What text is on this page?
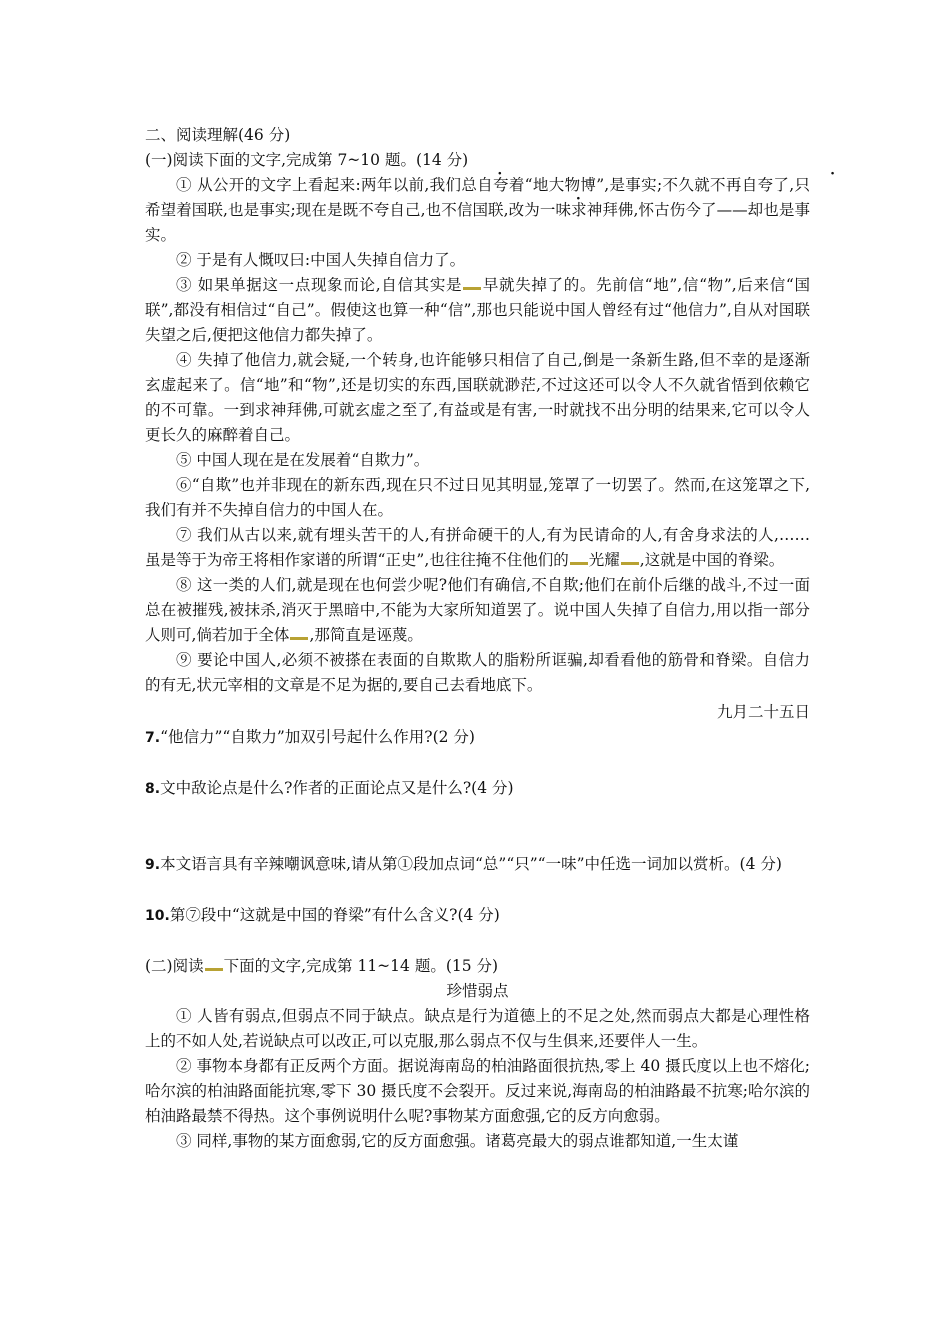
二、阅读理解(46 分)
(一)阅读下面的文字,完成第 7~10 题。(14 分)

① 从公开的文字上看起来:两年以前,我们· 总自夸着“地大物博”,是事实;不久就不再自夸了,· 只希望着国联,也是事实;现在是既不夸自己,也不信国联,改为一味求神拜佛,怀古伤今了——却也是事实。

② 于是有人慨叹曰:中国人失掉自信力了。

③ 如果单据这一点现象而论,自信其实是 早就失掉了的。先前信“地”,信“物”,后来信“国联”,都没有相信过“自己”。假使这也算一种“信”,那也只能说中国人曾经有过“他信力”,自从对国联失望之后,便把这他信力都失掉了。

④ 失掉了他信力,就会疑,一个转身,也许能够只相信了自己,倒是一条新生路,但不幸的是逐渐玄虚起来了。信“地”和“物”,还是切实的东西,国联就渺茫,不过这还可以令人不久就省悟到依赖它的不可靠。一到求神拜佛,可就玄虚之至了,有益或是有害,一时就找不出分明的结果来,它可以令人更长久的麻醉着自己。

⑤ 中国人现在是在发展着“自欺力”。

⑥“自欺”也并非现在的新东西,现在只不过日见其明显,笼罩了一切罢了。然而,在这笼罩之下,我们有并不失掉自信力的中国人在。

⑦ 我们从古以来,就有埋头苦干的人,有拼命硬干的人,有为民请命的人,有舍身求法的人,……虽是等于为帝王将相作家谱的所谓“正史”,也往往掩不住他们的 光耀 ,这就是中国的脊梁。

⑧ 这一类的人们,就是现在也何尝少呢?他们有确信,不自欺;他们在前仆后继的战斗,不过一面总在被摧残,被抹杀,消灭于黑暗中,不能为大家所知道罢了。说中国人失掉了自信力,用以指一部分人则可,倘若加于全体 ,那简直是诬蔑。

⑨ 要论中国人,必须不被搽在表面的自欺欺人的脂粉所诓骗,却看看他的筋骨和脊梁。自信力的有无,状元宰相的文章是不足为据的,要自己去看地底下。

九月二十五日

7.“他信力”“自欺力”加双引号起什么作用?(2 分)

8.文中敌论点是什么?作者的正面论点又是什么?(4 分)

9.本文语言具有辛辣嘲讽意味,请从第①段加点词“总”“只”“一味”中任选一词加以赏析。(4 分)

10.第⑦段中“这就是中国的脊梁”有什么含义?(4 分)

(二)阅读 下面的文字,完成第 11~14 题。(15 分)
珍惜弱点

① 人皆有弱点,但弱点不同于缺点。缺点是行为道德上的不足之处,然而弱点大都是心理性格上的不如人处,若说缺点可以改正,可以克服,那么弱点不仅与生俱来,还要伴人一生。

② 事物本身都有正反两个方面。据说海南岛的柏油路面很抗热,零上 40 摄氏度以上也不熔化;哈尔滨的柏油路面能抗寒,零下 30 摄氏度不会裂开。反过来说,海南岛的柏油路最不抗寒;哈尔滨的柏油路最禁不得热。这个事例说明什么呢?事物某方面愈强,它的反方向愈弱。

③ 同样,事物的某方面愈弱,它的反方面愈强。诸葛亮最大的弱点谁都知道,一生太谨
